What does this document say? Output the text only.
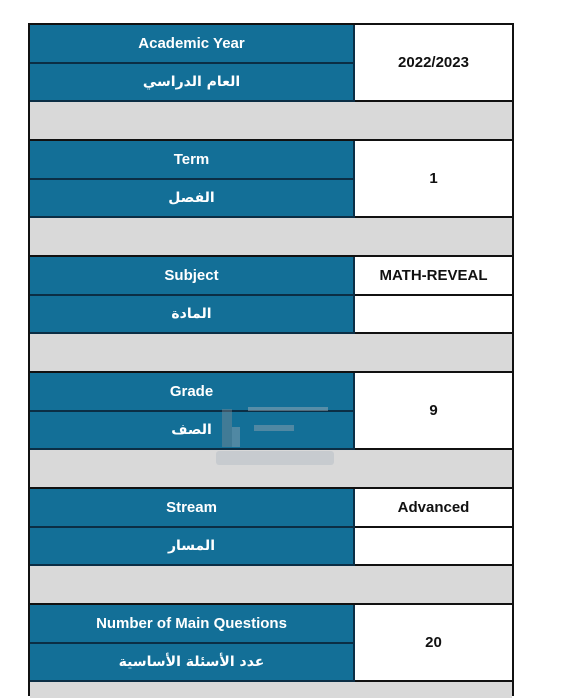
Academic Year
العام الدراسي
2022/2023
Term
الفصل
1
Subject
المادة
MATH-REVEAL
Grade
الصف
9
Stream
المسار
Advanced
Number of Main Questions
عدد الأسئلة الأساسية
20
